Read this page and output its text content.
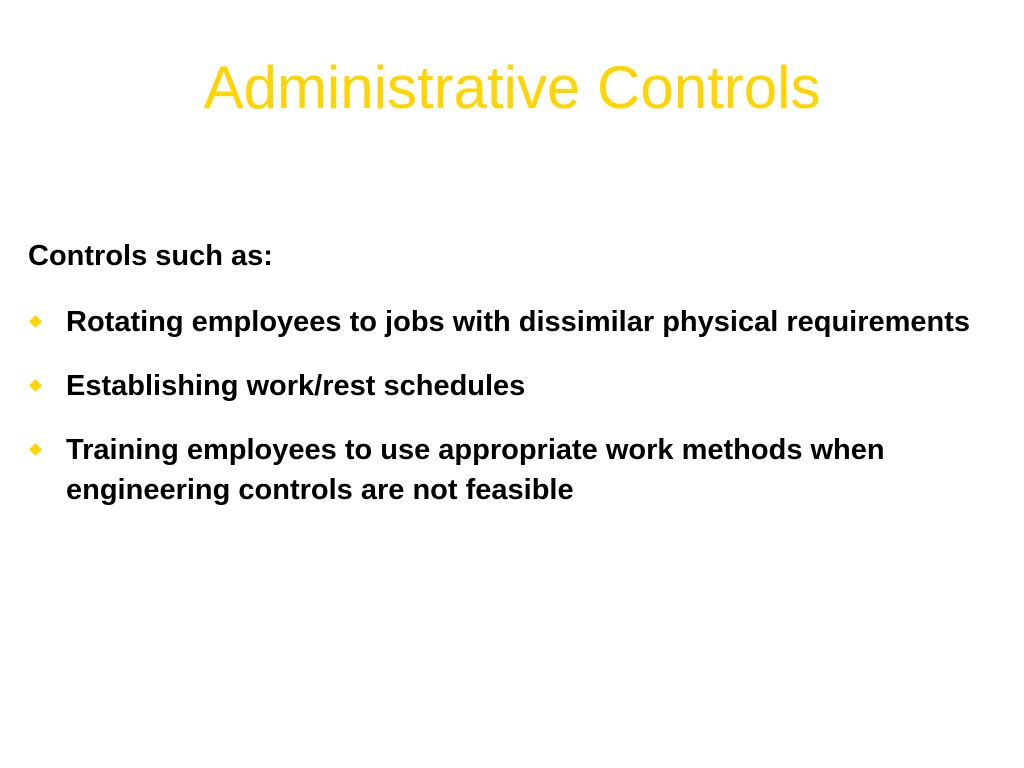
Administrative Controls

Controls such as:

Rotating employees to jobs with dissimilar physical requirements
Establishing work/rest schedules
Training employees to use appropriate work methods when engineering controls are not feasible
